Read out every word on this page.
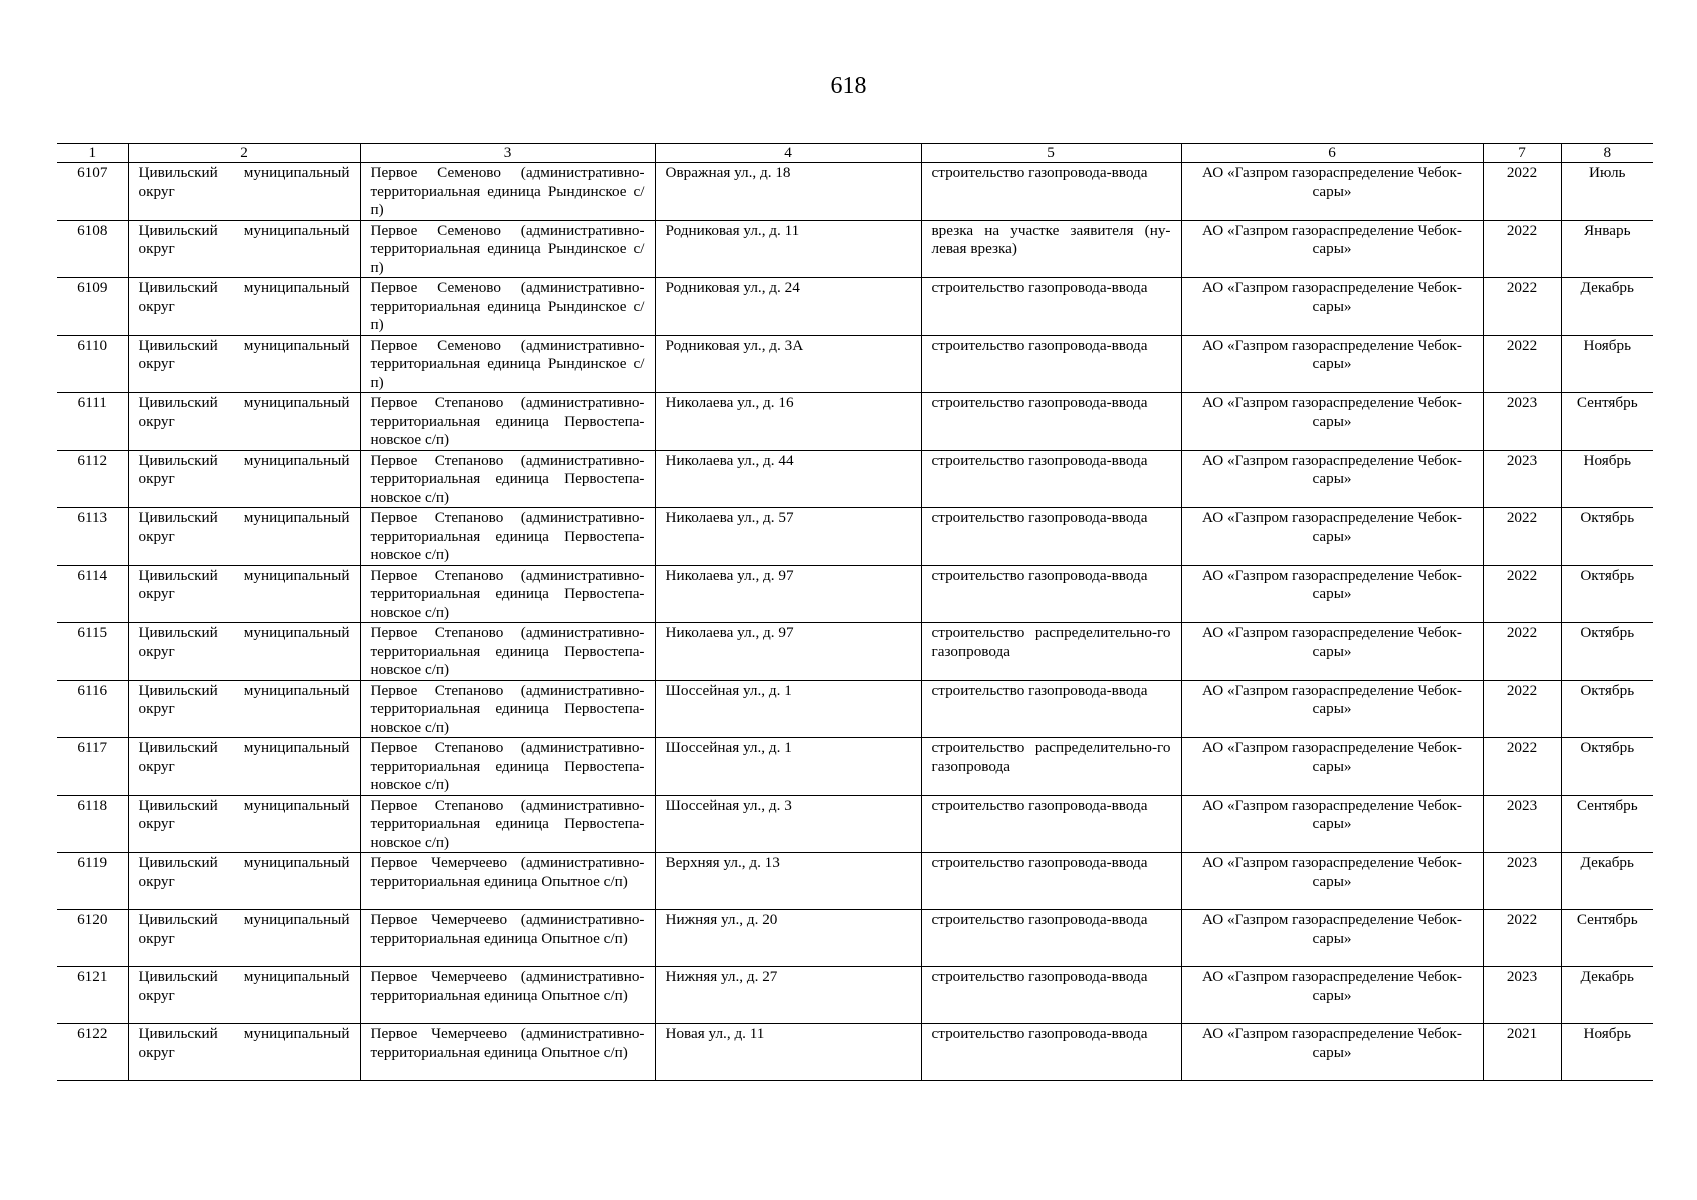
618
1	2	3	4	5	6	7	8
6107	Цивильский муниципальный округ	Первое Семеново (административно-территориальная единица Рындинское с/п)	Овражная ул., д. 18	строительство газопровода-ввода	АО «Газпром газораспределение Чебок-сары»	2022	Июль
6108	Цивильский муниципальный округ	Первое Семеново (административно-территориальная единица Рындинское с/п)	Родниковая ул., д. 11	врезка на участке заявителя (ну-левая врезка)	АО «Газпром газораспределение Чебок-сары»	2022	Январь
6109	Цивильский муниципальный округ	Первое Семеново (административно-территориальная единица Рындинское с/п)	Родниковая ул., д. 24	строительство газопровода-ввода	АО «Газпром газораспределение Чебок-сары»	2022	Декабрь
6110	Цивильский муниципальный округ	Первое Семеново (административно-территориальная единица Рындинское с/п)	Родниковая ул., д. 3А	строительство газопровода-ввода	АО «Газпром газораспределение Чебок-сары»	2022	Ноябрь
6111	Цивильский муниципальный округ	Первое Степаново (административно-территориальная единица Первостепа-новское с/п)	Николаева ул., д. 16	строительство газопровода-ввода	АО «Газпром газораспределение Чебок-сары»	2023	Сентябрь
6112	Цивильский муниципальный округ	Первое Степаново (административно-территориальная единица Первостепа-новское с/п)	Николаева ул., д. 44	строительство газопровода-ввода	АО «Газпром газораспределение Чебок-сары»	2023	Ноябрь
6113	Цивильский муниципальный округ	Первое Степаново (административно-территориальная единица Первостепа-новское с/п)	Николаева ул., д. 57	строительство газопровода-ввода	АО «Газпром газораспределение Чебок-сары»	2022	Октябрь
6114	Цивильский муниципальный округ	Первое Степаново (административно-территориальная единица Первостепа-новское с/п)	Николаева ул., д. 97	строительство газопровода-ввода	АО «Газпром газораспределение Чебок-сары»	2022	Октябрь
6115	Цивильский муниципальный округ	Первое Степаново (административно-территориальная единица Первостепа-новское с/п)	Николаева ул., д. 97	строительство распределительно-го газопровода	АО «Газпром газораспределение Чебок-сары»	2022	Октябрь
6116	Цивильский муниципальный округ	Первое Степаново (административно-территориальная единица Первостепа-новское с/п)	Шоссейная ул., д. 1	строительство газопровода-ввода	АО «Газпром газораспределение Чебок-сары»	2022	Октябрь
6117	Цивильский муниципальный округ	Первое Степаново (административно-территориальная единица Первостепа-новское с/п)	Шоссейная ул., д. 1	строительство распределительно-го газопровода	АО «Газпром газораспределение Чебок-сары»	2022	Октябрь
6118	Цивильский муниципальный округ	Первое Степаново (административно-территориальная единица Первостепа-новское с/п)	Шоссейная ул., д. 3	строительство газопровода-ввода	АО «Газпром газораспределение Чебок-сары»	2023	Сентябрь
6119	Цивильский муниципальный округ	Первое Чемерчеево (административно-территориальная единица Опытное с/п)	Верхняя ул., д. 13	строительство газопровода-ввода	АО «Газпром газораспределение Чебок-сары»	2023	Декабрь
6120	Цивильский муниципальный округ	Первое Чемерчеево (административно-территориальная единица Опытное с/п)	Нижняя ул., д. 20	строительство газопровода-ввода	АО «Газпром газораспределение Чебок-сары»	2022	Сентябрь
6121	Цивильский муниципальный округ	Первое Чемерчеево (административно-территориальная единица Опытное с/п)	Нижняя ул., д. 27	строительство газопровода-ввода	АО «Газпром газораспределение Чебок-сары»	2023	Декабрь
6122	Цивильский муниципальный округ	Первое Чемерчеево (административно-территориальная единица Опытное с/п)	Новая ул., д. 11	строительство газопровода-ввода	АО «Газпром газораспределение Чебок-сары»	2021	Ноябрь
